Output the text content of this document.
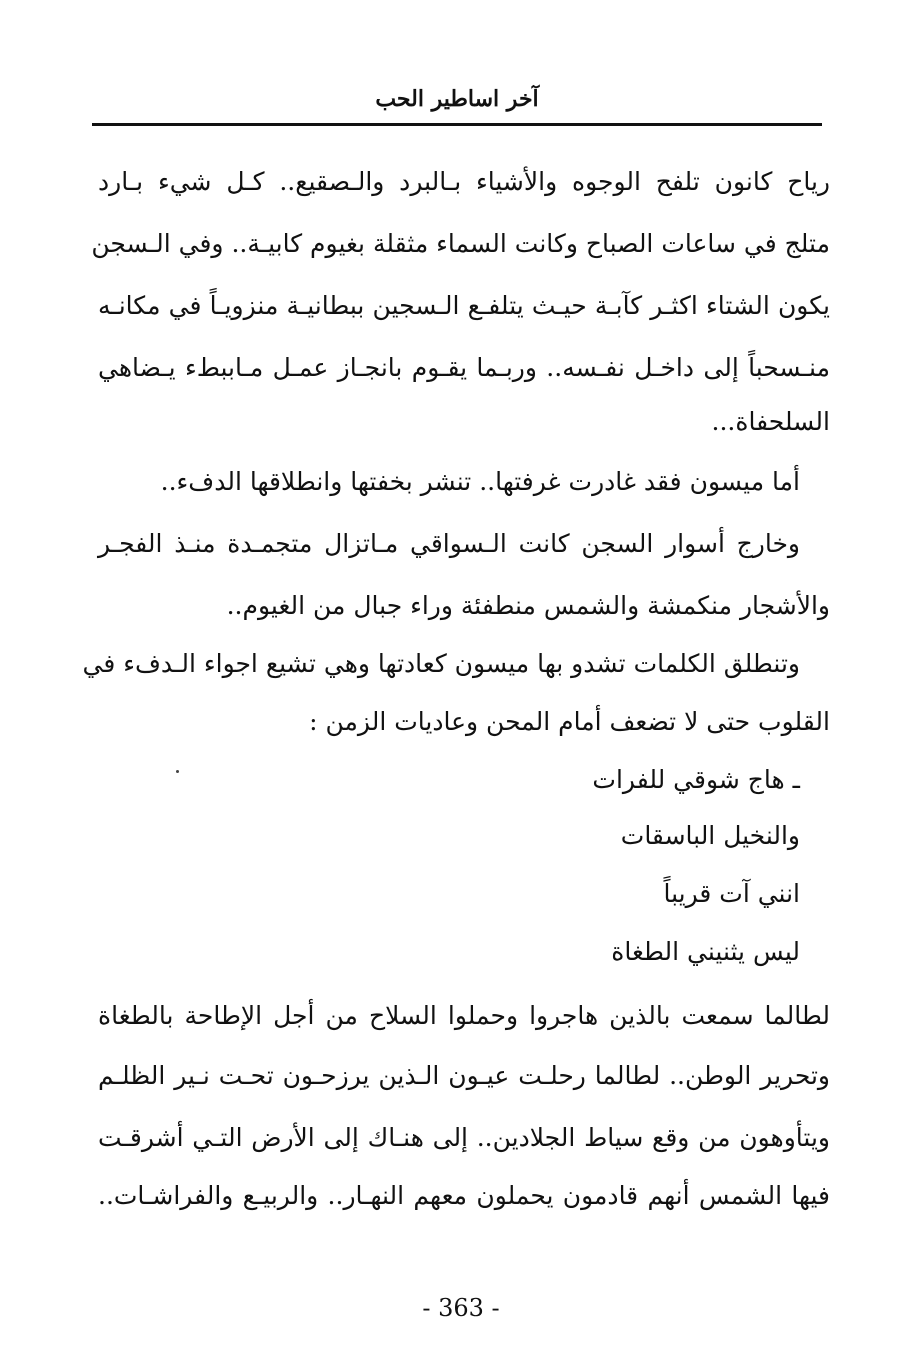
آخر اساطير الحب
رياح كانون تلفح الوجوه والأشياء بـالبرد والـصقيع.. كـل شيء بـارد
متلج في ساعات الصباح وكانت السماء مثقلة بغيوم كابيـة.. وفي الـسجن
يكون الشتاء اكثـر كآبـة حيـث يتلفـع الـسجين ببطانيـة منزويـاً في مكانـه
منـسحباً إلى داخـل نفـسه.. وربـما يقـوم بانجـاز عمـل مـاببطء يـضاهي
السلحفاة...
أما ميسون فقد غادرت غرفتها.. تنشر بخفتها وانطلاقها الدفء..
وخارج أسوار السجن كانت الـسواقي مـاتزال متجمـدة منـذ الفجـر
والأشجار منكمشة والشمس منطفئة وراء جبال من الغيوم..
وتنطلق الكلمات تشدو بها ميسون كعادتها وهي تشيع اجواء الـدفء في
القلوب حتى لا تضعف أمام المحن وعاديات الزمن :
ـ هاج شوقي للفرات
والنخيل الباسقات
انني آت قريباً
ليس يثنيني الطغاة
لطالما سمعت بالذين هاجروا وحملوا السلاح من أجل الإطاحة بالطغاة
وتحرير الوطن.. لطالما رحلـت عيـون الـذين يرزحـون تحـت نـير الظلـم
ويتأوهون من وقع سياط الجلادين.. إلى هنـاك إلى الأرض التـي أشرقـت
فيها الشمس أنهم قادمون يحملون معهم النهـار.. والربيـع والفراشـات..
- 363 -
